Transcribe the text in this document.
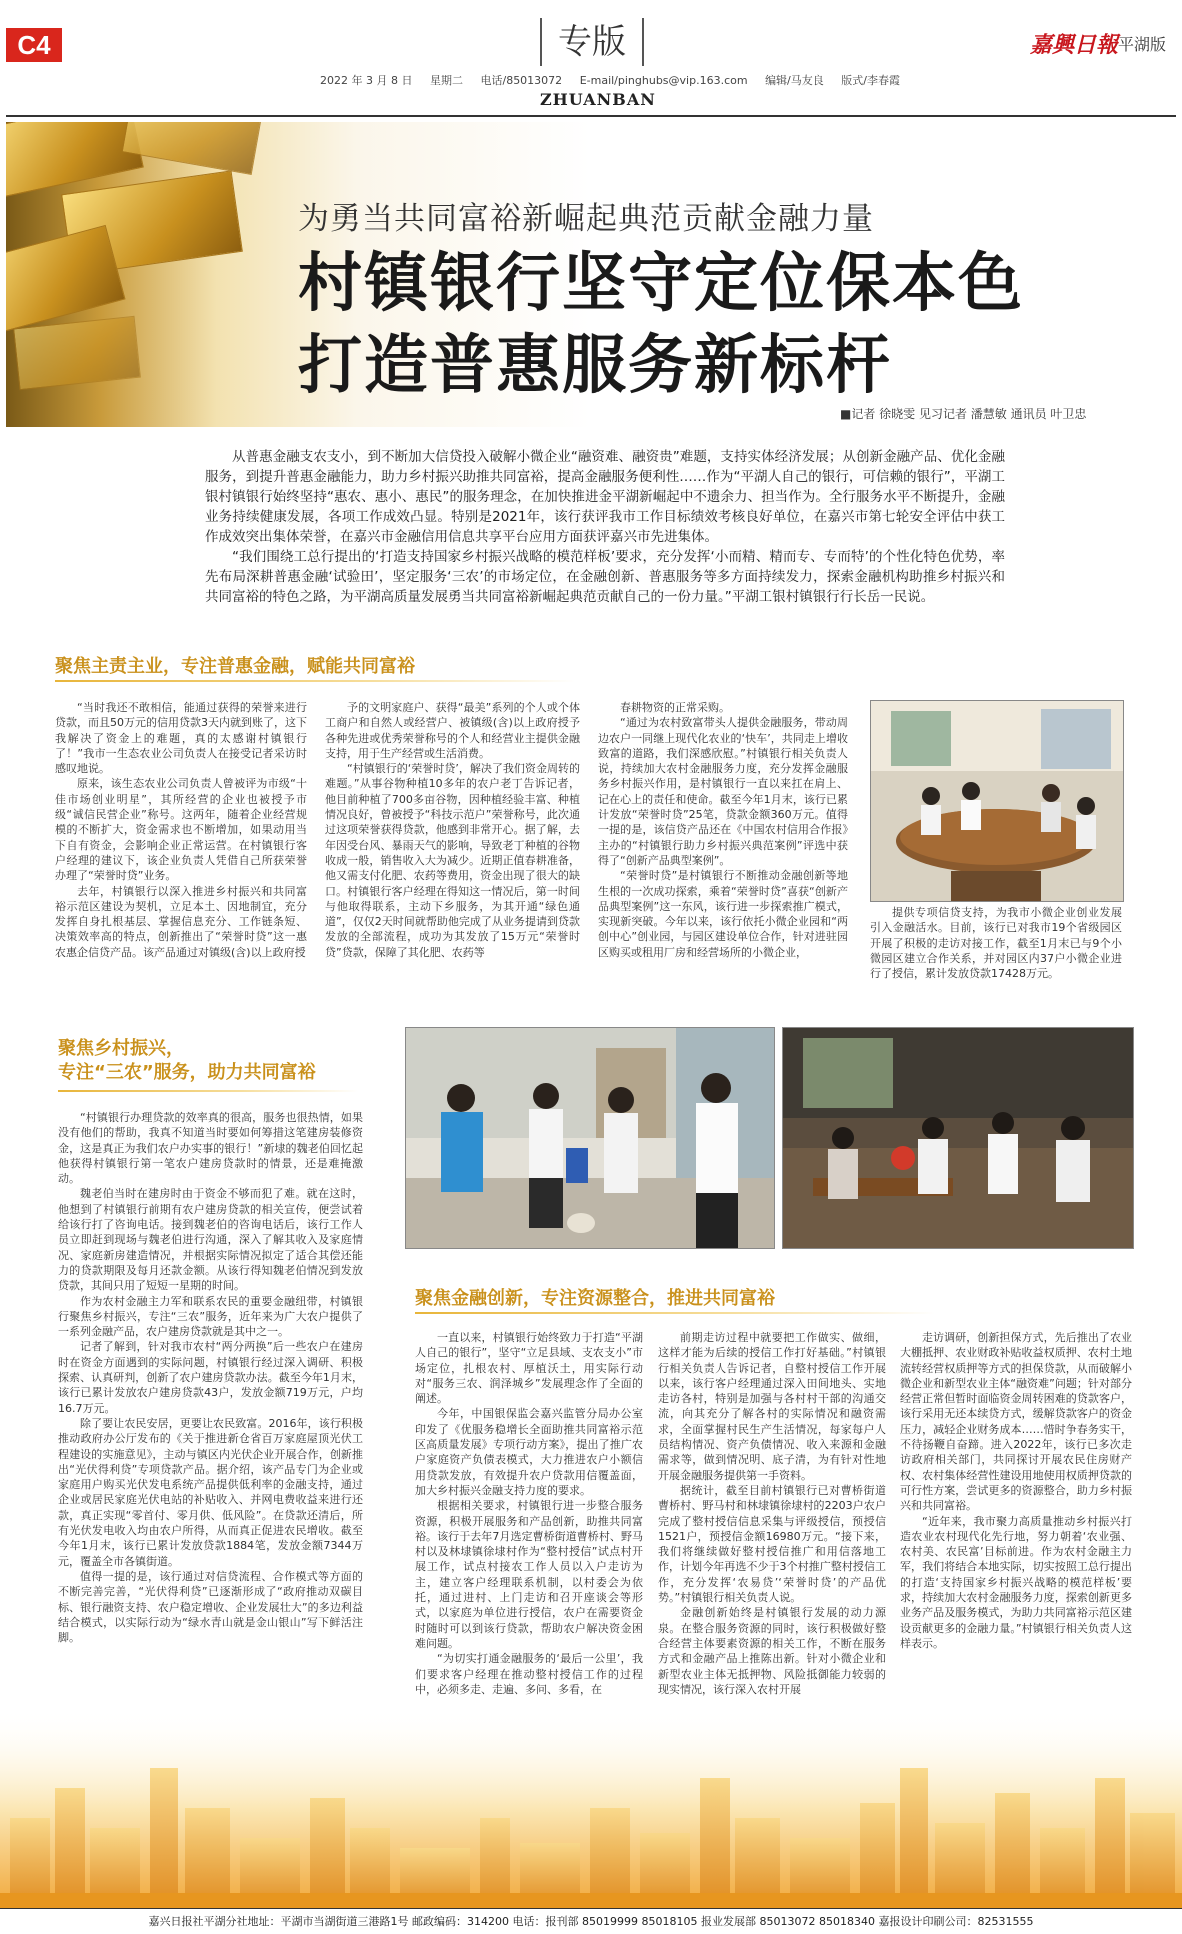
C4	专版	嘉興日報 平湖版
2022 年 3 月 8 日 星期二 电话/85013072 E-mail/pinghubs@vip.163.com 编辑/马友良 版式/李春霞
ZHUANBAN
为勇当共同富裕新崛起典范贡献金融力量
村镇银行坚守定位保本色
打造普惠服务新标杆
■记者 徐晓雯 见习记者 潘慧敏 通讯员 叶卫忠

从普惠金融支农支小，到不断加大信贷投入破解小微企业“融资难、融资贵”难题，支持实体经济发展；从创新金融产品、优化金融服务，到提升普惠金融能力，助力乡村振兴助推共同富裕，提高金融服务便利性……作为“平湖人自己的银行，可信赖的银行”，平湖工银村镇银行始终坚持“惠农、惠小、惠民”的服务理念，在加快推进金平湖新崛起中不遗余力、担当作为。全行服务水平不断提升，金融业务持续健康发展，各项工作成效凸显。特别是2021年，该行获评我市工作目标绩效考核良好单位，在嘉兴市第七轮安全评估中获工作成效突出集体荣誉，在嘉兴市金融信用信息共享平台应用方面获评嘉兴市先进集体。

“我们围绕工总行提出的‘打造支持国家乡村振兴战略的模范样板’要求，充分发挥‘小而精、精而专、专而特’的个性化特色优势，率先布局深耕普惠金融‘试验田’，坚定服务‘三农’的市场定位，在金融创新、普惠服务等多方面持续发力，探索金融机构助推乡村振兴和共同富裕的特色之路，为平湖高质量发展勇当共同富裕新崛起典范贡献自己的一份力量。”平湖工银村镇银行行长岳一民说。

聚焦主责主业，专注普惠金融，赋能共同富裕

“当时我还不敢相信，能通过获得的荣誉来进行贷款，而且50万元的信用贷款3天内就到账了，这下我解决了资金上的难题，真的太感谢村镇银行了！”我市一生态农业公司负责人在接受记者采访时感叹地说。

原来，该生态农业公司负责人曾被评为市级“十佳市场创业明星”，其所经营的企业也被授予市级“诚信民营企业”称号。这两年，随着企业经营规模的不断扩大，资金需求也不断增加，如果动用当下自有资金，会影响企业正常运营。在村镇银行客户经理的建议下，该企业负责人凭借自己所获荣誉办理了“荣誉时贷”业务。

去年，村镇银行以深入推进乡村振兴和共同富裕示范区建设为契机，立足本土、因地制宜，充分发挥自身扎根基层、掌握信息充分、工作链条短、决策效率高的特点，创新推出了“荣誉时贷”这一惠农惠企信贷产品。该产品通过对镇级(含)以上政府授

予的文明家庭户、获得“最美”系列的个人或个体工商户和自然人或经营户、被镇级(含)以上政府授予各种先进或优秀荣誉称号的个人和经营业主提供金融支持，用于生产经营或生活消费。

“村镇银行的‘荣誉时贷’，解决了我们资金周转的难题。”从事谷物种植10多年的农户老丁告诉记者，他目前种植了700多亩谷物，因种植经验丰富、种植情况良好，曾被授予“科技示范户”荣誉称号，此次通过这项荣誉获得贷款，他感到非常开心。据了解，去年因受台风、暴雨天气的影响，导致老丁种植的谷物收成一般，销售收入大为减少。近期正值春耕准备，他又需支付化肥、农药等费用，资金出现了很大的缺口。村镇银行客户经理在得知这一情况后，第一时间与他取得联系，主动下乡服务，为其开通“绿色通道”，仅仅2天时间就帮助他完成了从业务提请到贷款发放的全部流程，成功为其发放了15万元“荣誉时贷”贷款，保障了其化肥、农药等

春耕物资的正常采购。

“通过为农村致富带头人提供金融服务，带动周边农户一同继上现代化农业的‘快车’，共同走上增收致富的道路，我们深感欣慰。”村镇银行相关负责人说，持续加大农村金融服务力度，充分发挥金融服务乡村振兴作用，是村镇银行一直以来扛在肩上、记在心上的责任和使命。截至今年1月末，该行已累计发放“荣誉时贷”25笔，贷款金额360万元。值得一提的是，该信贷产品还在《中国农村信用合作报》主办的“村镇银行助力乡村振兴典范案例”评选中获得了“创新产品典型案例”。

“荣誉时贷”是村镇银行不断推动金融创新等地生根的一次成功探索，乘着“荣誉时贷”喜获“创新产品典型案例”这一东风，该行进一步探索推广模式，实现新突破。今年以来，该行依托小微企业园和“两创中心”创业园，与园区建设单位合作，针对进驻园区购买或租用厂房和经营场所的小微企业，

提供专项信贷支持，为我市小微企业创业发展引入金融活水。目前，该行已对我市19个省级园区开展了积极的走访对接工作，截至1月末已与9个小微园区建立合作关系，并对园区内37户小微企业进行了授信，累计发放贷款17428万元。

聚焦乡村振兴，
专注“三农”服务，助力共同富裕

“村镇银行办理贷款的效率真的很高，服务也很热情，如果没有他们的帮助，我真不知道当时要如何筹措这笔建房装修资金，这是真正为我们农户办实事的银行！”新埭的魏老伯回忆起他获得村镇银行第一笔农户建房贷款时的情景，还是难掩激动。

魏老伯当时在建房时由于资金不够而犯了难。就在这时，他想到了村镇银行前期有农户建房贷款的相关宣传，便尝试着给该行打了咨询电话。接到魏老伯的咨询电话后，该行工作人员立即赶到现场与魏老伯进行沟通，深入了解其收入及家庭情况、家庭新房建造情况，并根据实际情况拟定了适合其偿还能力的贷款期限及每月还款金额。从该行得知魏老伯情况到发放贷款，其间只用了短短一星期的时间。

作为农村金融主力军和联系农民的重要金融纽带，村镇银行聚焦乡村振兴，专注“三农”服务，近年来为广大农户提供了一系列金融产品，农户建房贷款就是其中之一。

记者了解到，针对我市农村“两分两换”后一些农户在建房时在资金方面遇到的实际问题，村镇银行经过深入调研、积极探索、认真研判，创新了农户建房贷款办法。截至今年1月末，该行已累计发放农户建房贷款43户，发放金额719万元，户均16.7万元。

除了要让农民安居，更要让农民致富。2016年，该行积极推动政府办公厅发布的《关于推进新仓省百万家庭屋顶光伏工程建设的实施意见》，主动与镇区内光伏企业开展合作，创新推出“光伏得利贷”专项贷款产品。据介绍，该产品专门为企业或家庭用户购买光伏发电系统产品提供低利率的金融支持，通过企业或居民家庭光伏电站的补贴收入、并网电费收益来进行还款，真正实现“零首付、零月供、低风险”。在贷款还清后，所有光伏发电收入均由农户所得，从而真正促进农民增收。截至今年1月末，该行已累计发放贷款1884笔，发放金额7344万元，覆盖全市各镇街道。

值得一提的是，该行通过对信贷流程、合作模式等方面的不断完善完善，“光伏得利贷”已逐渐形成了“政府推动双碳目标、银行融资支持、农户稳定增收、企业发展壮大”的多边利益结合模式，以实际行动为“绿水青山就是金山银山”写下鲜活注脚。

聚焦金融创新，专注资源整合，推进共同富裕

一直以来，村镇银行始终致力于打造“平湖人自己的银行”，坚守“立足县域、支农支小”市场定位，扎根农村、厚植沃土，用实际行动对“服务三农、润泽城乡”发展理念作了全面的阐述。

今年，中国银保监会嘉兴监管分局办公室印发了《优服务稳增长全面助推共同富裕示范区高质量发展》专项行动方案》，提出了推广农户家庭资产负债表模式，大力推进农户小额信用贷款发放，有效提升农户贷款用信覆盖面，加大乡村振兴金融支持力度的要求。

根据相关要求，村镇银行进一步整合服务资源，积极开展服务和产品创新，助推共同富裕。该行于去年7月选定曹桥街道曹桥村、野马村以及林埭镇徐埭村作为“整村授信”试点村开展工作，试点村接农工作人员以入户走访为主，建立客户经理联系机制，以村委会为依托，通过进村、上门走访和召开座谈会等形式，以家庭为单位进行授信，农户在需要资金时随时可以到该行贷款，帮助农户解决资金困难问题。

“为切实打通金融服务的‘最后一公里’，我们要求客户经理在推动整村授信工作的过程中，必须多走、走遍、多问、多看，在

前期走访过程中就要把工作做实、做细，这样才能为后续的授信工作打好基础。”村镇银行相关负责人告诉记者，自整村授信工作开展以来，该行客户经理通过深入田间地头、实地走访各村，特别是加强与各村村干部的沟通交流，向其充分了解各村的实际情况和融资需求，全面掌握村民生产生活情况，每家每户人员结构情况、资产负债情况、收入来源和金融需求等，做到情况明、底子清，为有针对性地开展金融服务提供第一手资料。

据统计，截至目前村镇银行已对曹桥街道曹桥村、野马村和林埭镇徐埭村的2203户农户完成了整村授信信息采集与评级授信，预授信1521户，预授信金额16980万元。“接下来，我们将继续做好整村授信推广和用信落地工作，计划今年再选不少于3个村推广整村授信工作，充分发挥‘农易贷’‘荣誉时贷’的产品优势。”村镇银行相关负责人说。

金融创新始终是村镇银行发展的动力源泉。在整合服务资源的同时，该行积极做好整合经营主体要素资源的相关工作，不断在服务方式和金融产品上推陈出新。针对小微企业和新型农业主体无抵押物、风险抵御能力较弱的现实情况，该行深入农村开展

走访调研，创新担保方式，先后推出了农业大棚抵押、农业财政补贴收益权质押、农村土地流转经营权质押等方式的担保贷款，从而破解小微企业和新型农业主体“融资难”问题；针对部分经营正常但暂时面临资金周转困难的贷款客户，该行采用无还本续贷方式，缓解贷款客户的资金压力，减轻企业财务成本……惜时争春务实干，不待扬鞭自奋蹄。进入2022年，该行已多次走访政府相关部门，共同探讨开展农民住房财产权、农村集体经营性建设用地使用权质押贷款的可行性方案，尝试更多的资源整合，助力乡村振兴和共同富裕。

“近年来，我市聚力高质量推动乡村振兴打造农业农村现代化先行地，努力朝着‘农业强、农村美、农民富’目标前进。作为农村金融主力军，我们将结合本地实际，切实按照工总行提出的打造‘支持国家乡村振兴战略的模范样板’要求，持续加大农村金融服务力度，探索创新更多业务产品及服务模式，为助力共同富裕示范区建设贡献更多的金融力量。”村镇银行相关负责人这样表示。

嘉兴日报社平湖分社地址：平湖市当湖街道三港路1号 邮政编码：314200 电话：报刊部 85019999 85018105 报业发展部 85013072 85018340 嘉报设计印刷公司：82531555
